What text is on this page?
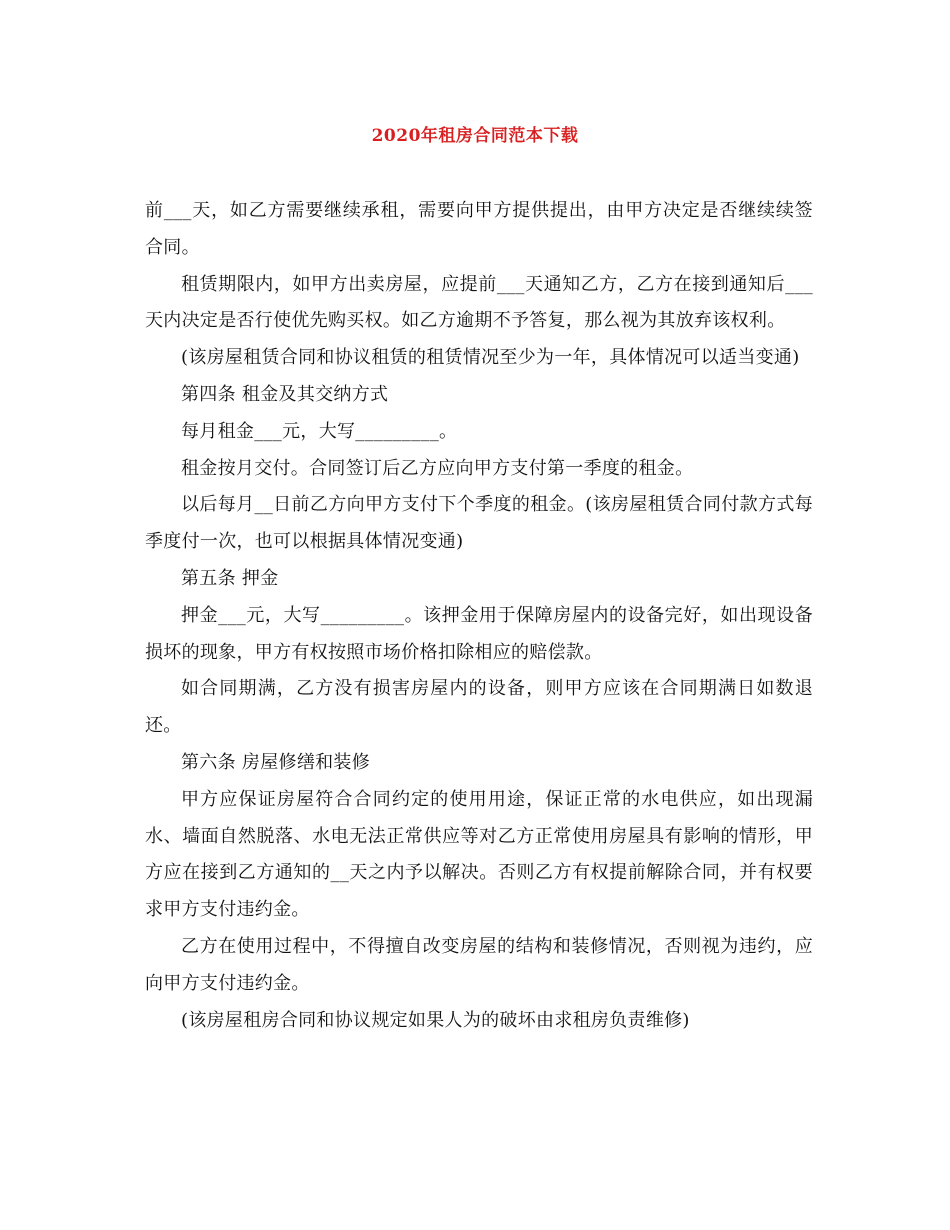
2020年租房合同范本下载

前___天，如乙方需要继续承租，需要向甲方提供提出，由甲方决定是否继续续签合同。

租赁期限内，如甲方出卖房屋，应提前___天通知乙方，乙方在接到通知后___天内决定是否行使优先购买权。如乙方逾期不予答复，那么视为其放弃该权利。

(该房屋租赁合同和协议租赁的租赁情况至少为一年，具体情况可以适当变通)

第四条 租金及其交纳方式

每月租金___元，大写_________。

租金按月交付。合同签订后乙方应向甲方支付第一季度的租金。

以后每月__日前乙方向甲方支付下个季度的租金。(该房屋租赁合同付款方式每季度付一次，也可以根据具体情况变通)

第五条 押金

押金___元，大写_________。该押金用于保障房屋内的设备完好，如出现设备损坏的现象，甲方有权按照市场价格扣除相应的赔偿款。

如合同期满，乙方没有损害房屋内的设备，则甲方应该在合同期满日如数退还。

第六条 房屋修缮和装修

甲方应保证房屋符合合同约定的使用用途，保证正常的水电供应，如出现漏水、墙面自然脱落、水电无法正常供应等对乙方正常使用房屋具有影响的情形，甲方应在接到乙方通知的__天之内予以解决。否则乙方有权提前解除合同，并有权要求甲方支付违约金。

乙方在使用过程中，不得擅自改变房屋的结构和装修情况，否则视为违约，应向甲方支付违约金。

(该房屋租房合同和协议规定如果人为的破坏由求租房负责维修)
